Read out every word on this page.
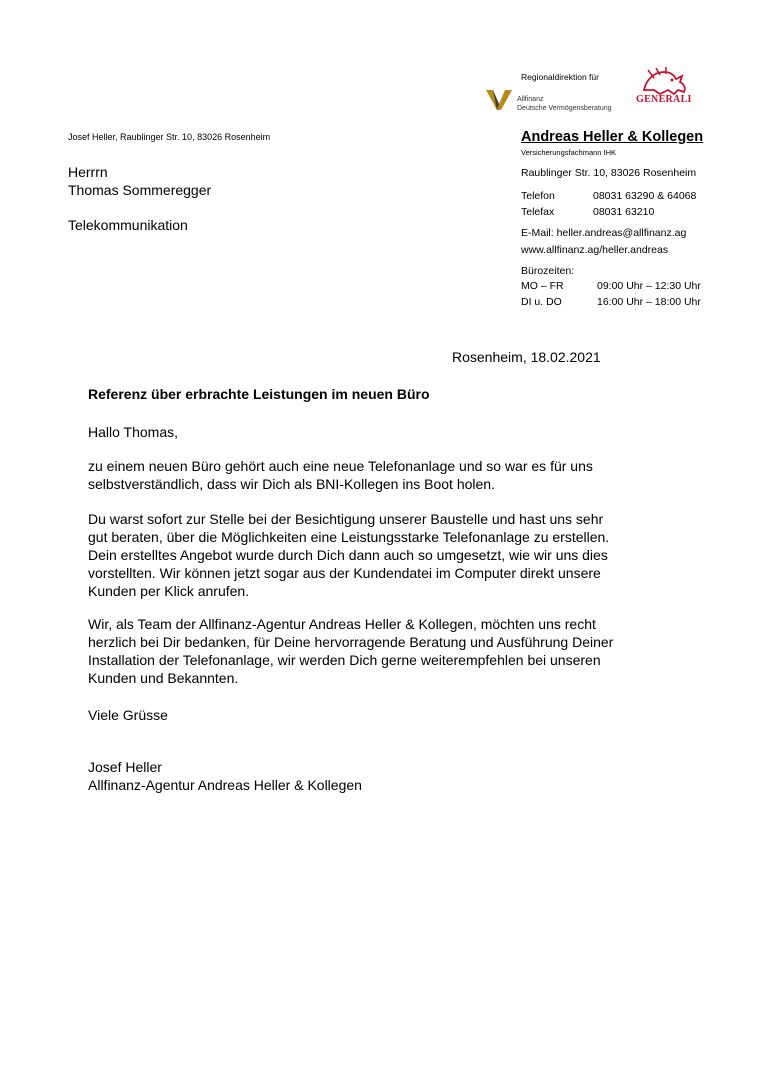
Regionaldirektion für
Allfinanz
Deutsche Vermögensberatung
GENERALI
Josef Heller, Raublinger Str. 10, 83026 Rosenheim
Herrrn
Thomas Sommeregger
Telekommunikation
Andreas Heller & Kollegen
Versicherungsfachmann IHK
Raublinger Str. 10, 83026 Rosenheim
Telefon	08031 63290 & 64068
Telefax	08031 63210
E-Mail: heller.andreas@allfinanz.ag
www.allfinanz.ag/heller.andreas
Bürozeiten:
MO – FR	09:00 Uhr – 12:30 Uhr
DI u. DO	16:00 Uhr – 18:00 Uhr
Rosenheim, 18.02.2021
Referenz über erbrachte Leistungen im neuen Büro
Hallo Thomas,
zu einem neuen Büro gehört auch eine neue Telefonanlage und so war es für uns
selbstverständlich, dass wir Dich als BNI-Kollegen ins Boot holen.
Du warst sofort zur Stelle bei der Besichtigung unserer Baustelle und hast uns sehr
gut beraten, über die Möglichkeiten eine Leistungsstarke Telefonanlage zu erstellen.
Dein erstelltes Angebot wurde durch Dich dann auch so umgesetzt, wie wir uns dies
vorstellten. Wir können jetzt sogar aus der Kundendatei im Computer direkt unsere
Kunden per Klick anrufen.
Wir, als Team der Allfinanz-Agentur Andreas Heller & Kollegen, möchten uns recht
herzlich bei Dir bedanken, für Deine hervorragende Beratung und Ausführung Deiner
Installation der Telefonanlage, wir werden Dich gerne weiterempfehlen bei unseren
Kunden und Bekannten.
Viele Grüsse
Josef Heller
Allfinanz-Agentur Andreas Heller & Kollegen
